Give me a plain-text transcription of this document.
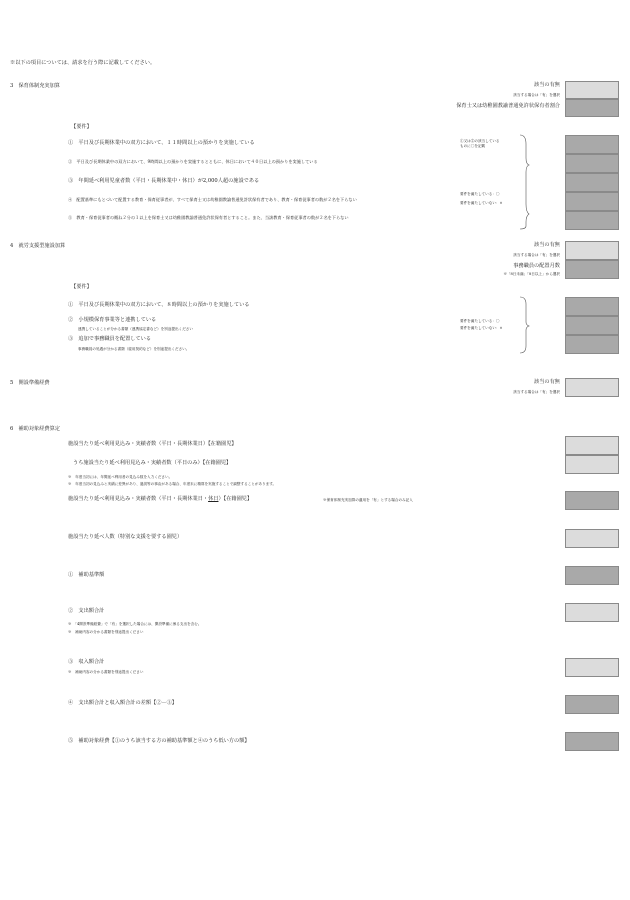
※以下の項目については、請求を行う際に記載してください。
3　保育体制充実加算	該当の有無
該当する場合は「有」を選択
保育士又は幼稚園教諭普通免許状保有者割合
【要件】
①　平日及び長期休業中の双方において、１１時間以上の預かりを実施している
②　平日及び長期休業中の双方において、9時間以上の預かりを実施するとともに、休日において４０日以上の預かりを実施している
③　年間延べ利用児童者数（平日・長期休業中・休日）が2,000人超の施設である
④　配置基準にもとづいて配置する教育・保育従事者が、すべて保育士又は幼稚園教諭普通免許状保有者であり、教育・保育従事者の数が２名を下らない
⑤　教育・保育従事者の概ね２分の１以上を保育士又は幼稚園教諭普通免許状保有者とすること。また、当該教育・保育従事者の数が２名を下らない
①又は②の該当している
ものに〇を記載
要件を満たしている：〇
要件を満たしていない：×
4　就労支援型施設加算	該当の有無
該当する場合は「有」を選択
事務職員の配置月数
※「8日未満」「8日以上」から選択
【要件】
①　平日及び長期休業中の双方において、８時間以上の預かりを実施している
②　小規模保育事業等と連携している
連携していることが分かる書類（連携協定書など）を別途提出ください
③　追加で事務職員を配置している
事務職員の処遇が分かる書類（雇用契約など）を別途提出ください。
要件を満たしている：〇
要件を満たしていない：×
5　開設準備経費	該当の有無
該当する場合は「有」を選択
6　補助対象経費算定
施設当たり延べ利用見込み・実績者数（平日・長期休業日）【在籍園児】
うち施設当たり延べ利用見込み・実績者数（平日のみ）【在籍園児】
※　年度当初には、年間延べ利用者の見込み数を入力ください。
※　年度当初の見込みと実績に差異があり、過誤等の事由がある場合、年度末に精算を実施することで調整することがあります。
施設当たり延べ利用見込み・実績者数（平日・長期休業日・休日）【在籍園児】	※保育体制充実加算の適用を「有」とする場合のみ記入
施設当たり延べ人数（特別な支援を要する園児）
①　補助基準額
②　支出額合計
※　「4開設準備経費」で「有」を選択した場合には、開設準備に係る支出を含む。
※　補助内容の分かる書類を別途提出ください
③　収入額合計
※　補助内容の分かる書類を別途提出ください
④　支出額合計と収入額合計の差額【②－③】
⑤　補助対象経費【①のうち該当する方の補助基準額と④のうち低い方の額】
